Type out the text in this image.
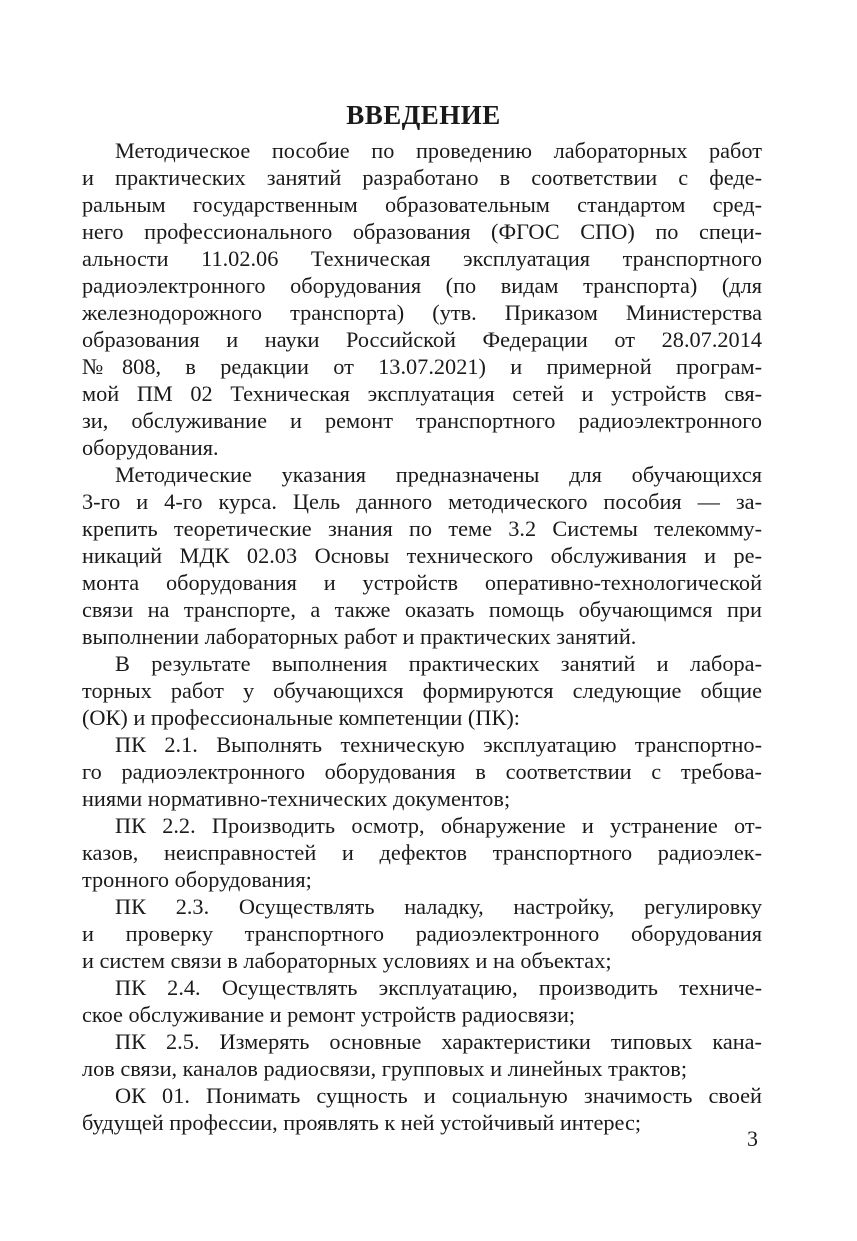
ВВЕДЕНИЕ
Методическое пособие по проведению лабораторных работ
и практических занятий разработано в соответствии с феде-
ральным государственным образовательным стандартом сред-
него профессионального образования (ФГОС СПО) по специ-
альности 11.02.06 Техническая эксплуатация транспортного
радиоэлектронного оборудования (по видам транспорта) (для
железнодорожного транспорта) (утв. Приказом Министерства
образования и науки Российской Федерации от 28.07.2014
№808, в редакции от 13.07.2021) и примерной програм-
мой ПМ 02 Техническая эксплуатация сетей и устройств свя-
зи, обслуживание и ремонт транспортного радиоэлектронного
оборудования.
Методические указания предназначены для обучающихся
3-го и 4-го курса. Цель данного методического пособия — за-
крепить теоретические знания по теме 3.2 Системы телекомму-
никаций МДК 02.03 Основы технического обслуживания и ре-
монта оборудования и устройств оперативно-технологической
связи на транспорте, а также оказать помощь обучающимся при
выполнении лабораторных работ и практических занятий.
В результате выполнения практических занятий и лабора-
торных работ у обучающихся формируются следующие общие
(ОК) и профессиональные компетенции (ПК):
ПК 2.1. Выполнять техническую эксплуатацию транспортно-
го радиоэлектронного оборудования в соответствии с требова-
ниями нормативно-технических документов;
ПК 2.2. Производить осмотр, обнаружение и устранение от-
казов, неисправностей и дефектов транспортного радиоэлек-
тронного оборудования;
ПК 2.3. Осуществлять наладку, настройку, регулировку
и проверку транспортного радиоэлектронного оборудования
и систем связи в лабораторных условиях и на объектах;
ПК 2.4. Осуществлять эксплуатацию, производить техниче-
ское обслуживание и ремонт устройств радиосвязи;
ПК 2.5. Измерять основные характеристики типовых кана-
лов связи, каналов радиосвязи, групповых и линейных трактов;
ОК 01. Понимать сущность и социальную значимость своей
будущей профессии, проявлять к ней устойчивый интерес;
3
